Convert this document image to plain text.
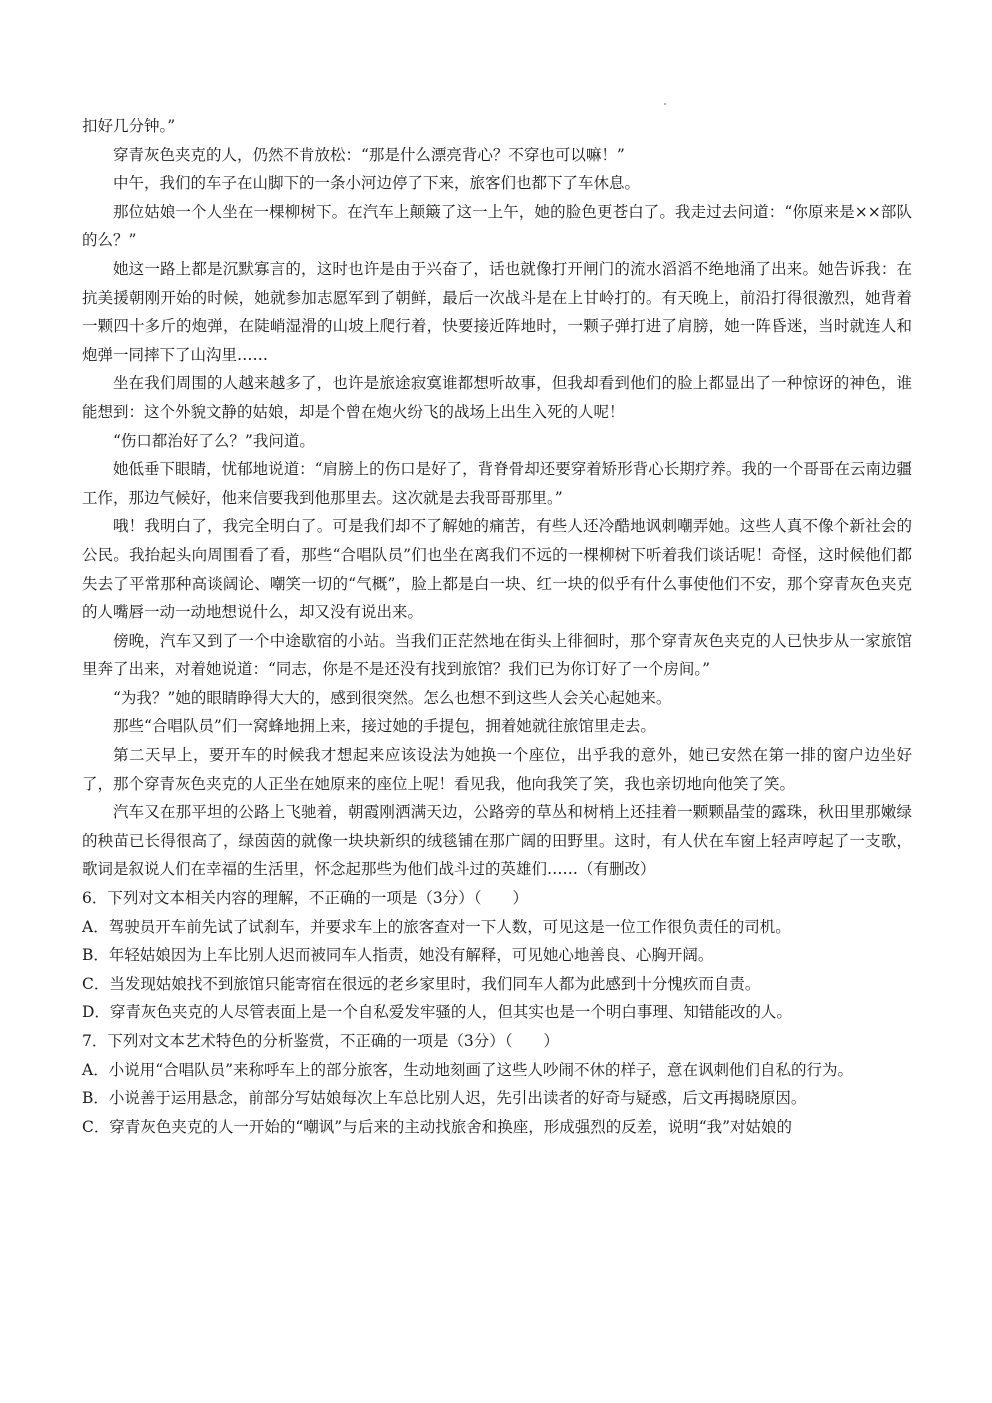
扣好几分钟。”

穿青灰色夹克的人，仍然不肯放松：“那是什么漂亮背心？不穿也可以嘛！”

中午，我们的车子在山脚下的一条小河边停了下来，旅客们也都下了车休息。

那位姑娘一个人坐在一棵柳树下。在汽车上颠簸了这一上午，她的脸色更苍白了。我走过去问道：“你原来是××部队的么？”

她这一路上都是沉默寡言的，这时也许是由于兴奋了，话也就像打开闸门的流水滔滔不绝地涌了出来。她告诉我：在抗美援朝刚开始的时候，她就参加志愿军到了朝鲜，最后一次战斗是在上甘岭打的。有天晚上，前沿打得很激烈，她背着一颗四十多斤的炮弹，在陡峭湿滑的山坡上爬行着，快要接近阵地时，一颗子弹打进了肩膀，她一阵昏迷，当时就连人和炮弹一同摔下了山沟里……

坐在我们周围的人越来越多了，也许是旅途寂寞谁都想听故事，但我却看到他们的脸上都显出了一种惊讶的神色，谁能想到：这个外貌文静的姑娘，却是个曾在炮火纷飞的战场上出生入死的人呢！

“伤口都治好了么？”我问道。

她低垂下眼睛，忧郁地说道：“肩膀上的伤口是好了，背脊骨却还要穿着矫形背心长期疗养。我的一个哥哥在云南边疆工作，那边气候好，他来信要我到他那里去。这次就是去我哥哥那里。”

哦！我明白了，我完全明白了。可是我们却不了解她的痛苦，有些人还冷酷地讽刺嘲弄她。这些人真不像个新社会的公民。我抬起头向周围看了看，那些“合唱队员”们也坐在离我们不远的一棵柳树下听着我们谈话呢！奇怪，这时候他们都失去了平常那种高谈阔论、嘲笑一切的“气概”，脸上都是白一块、红一块的似乎有什么事使他们不安，那个穿青灰色夹克的人嘴唇一动一动地想说什么，却又没有说出来。

傍晚，汽车又到了一个中途歇宿的小站。当我们正茫然地在街头上徘徊时，那个穿青灰色夹克的人已快步从一家旅馆里奔了出来，对着她说道：“同志，你是不是还没有找到旅馆？我们已为你订好了一个房间。”

“为我？”她的眼睛睁得大大的，感到很突然。怎么也想不到这些人会关心起她来。

那些“合唱队员”们一窝蜂地拥上来，接过她的手提包，拥着她就往旅馆里走去。

第二天早上，要开车的时候我才想起来应该设法为她换一个座位，出乎我的意外，她已安然在第一排的窗户边坐好了，那个穿青灰色夹克的人正坐在她原来的座位上呢！看见我，他向我笑了笑，我也亲切地向他笑了笑。

汽车又在那平坦的公路上飞驰着，朝霞刚洒满天边，公路旁的草丛和树梢上还挂着一颗颗晶莹的露珠，秋田里那嫩绿的秧苗已长得很高了，绿茵茵的就像一块块新织的绒毯铺在那广阔的田野里。这时，有人伏在车窗上轻声哼起了一支歌，歌词是叙说人们在幸福的生活里，怀念起那些为他们战斗过的英雄们……（有删改）

6．下列对文本相关内容的理解，不正确的一项是（3分）（　　）

A．驾驶员开车前先试了试刹车，并要求车上的旅客查对一下人数，可见这是一位工作很负责任的司机。

B．年轻姑娘因为上车比别人迟而被同车人指责，她没有解释，可见她心地善良、心胸开阔。

C．当发现姑娘找不到旅馆只能寄宿在很远的老乡家里时，我们同车人都为此感到十分愧疚而自责。

D．穿青灰色夹克的人尽管表面上是一个自私爱发牢骚的人，但其实也是一个明白事理、知错能改的人。

7．下列对文本艺术特色的分析鉴赏，不正确的一项是（3分）（　　）

A．小说用“合唱队员”来称呼车上的部分旅客，生动地刻画了这些人吵闹不休的样子，意在讽刺他们自私的行为。

B．小说善于运用悬念，前部分写姑娘每次上车总比别人迟，先引出读者的好奇与疑惑，后文再揭晓原因。

C．穿青灰色夹克的人一开始的“嘲讽”与后来的主动找旅舍和换座，形成强烈的反差，说明“我”对姑娘的
